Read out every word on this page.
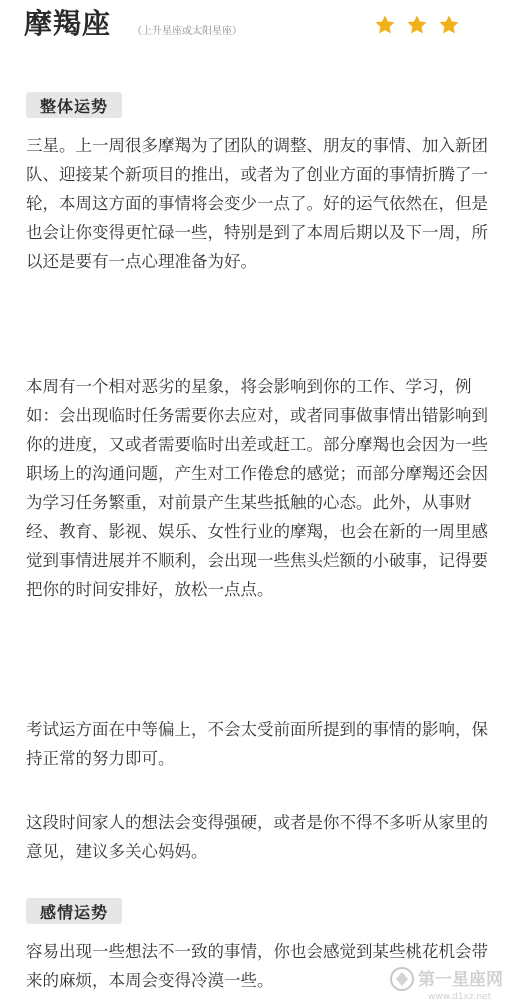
摩羯座 （上升星座或太阳星座）
整体运势

三星。上一周很多摩羯为了团队的调整、朋友的事情、加入新团队、迎接某个新项目的推出，或者为了创业方面的事情折腾了一轮，本周这方面的事情将会变少一点了。好的运气依然在，但是也会让你变得更忙碌一些，特别是到了本周后期以及下一周，所以还是要有一点心理准备为好。

本周有一个相对恶劣的星象，将会影响到你的工作、学习，例如：会出现临时任务需要你去应对，或者同事做事情出错影响到你的进度，又或者需要临时出差或赶工。部分摩羯也会因为一些职场上的沟通问题，产生对工作倦怠的感觉；而部分摩羯还会因为学习任务繁重，对前景产生某些抵触的心态。此外，从事财经、教育、影视、娱乐、女性行业的摩羯，也会在新的一周里感觉到事情进展并不顺利，会出现一些焦头烂额的小破事，记得要把你的时间安排好，放松一点点。

考试运方面在中等偏上，不会太受前面所提到的事情的影响，保持正常的努力即可。

这段时间家人的想法会变得强硬，或者是你不得不多听从家里的意见，建议多关心妈妈。

感情运势

容易出现一些想法不一致的事情，你也会感觉到某些桃花机会带来的麻烦，本周会变得冷漠一些。	第一星座网
www.d1xz.net
